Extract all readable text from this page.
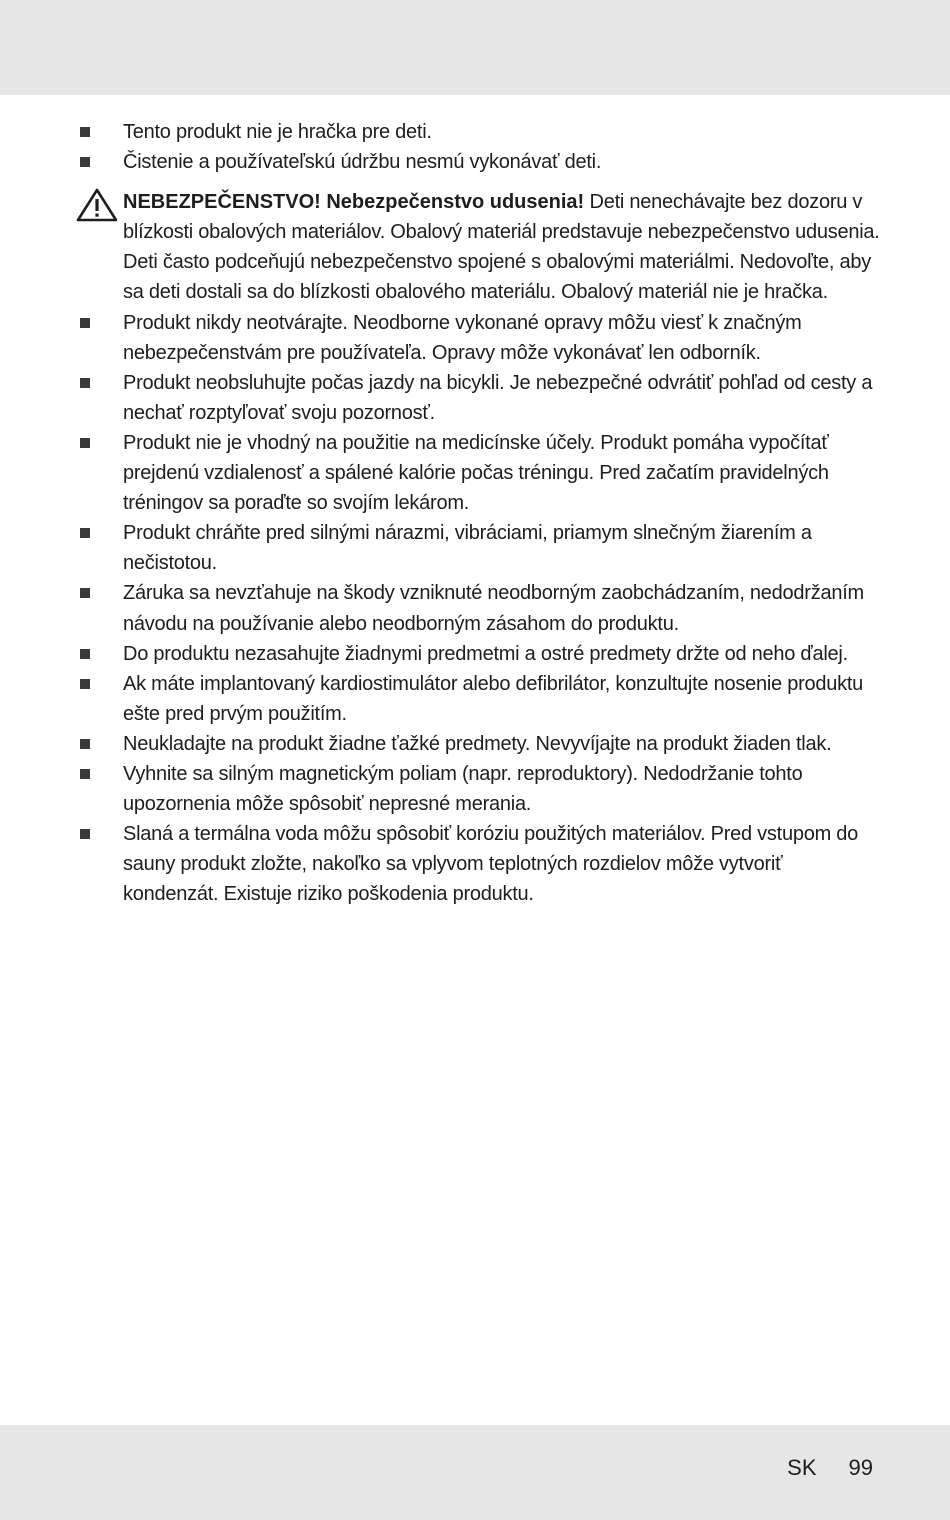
Tento produkt nie je hračka pre deti.
Čistenie a používateľskú údržbu nesmú vykonávať deti.
NEBEZPEČENSTVO! Nebezpečenstvo udusenia! Deti nenechávajte bez dozoru v blízkosti obalových materiálov. Obalový materiál predstavuje nebezpečenstvo udusenia. Deti často podceňujú nebezpečenstvo spojené s obalovými materiálmi. Nedovoľte, aby sa deti dostali sa do blízkosti obalového materiálu. Obalový materiál nie je hračka.
Produkt nikdy neotvárajte. Neodborne vykonané opravy môžu viesť k značným nebezpečenstvám pre používateľa. Opravy môže vykonávať len odborník.
Produkt neobsluhujte počas jazdy na bicykli. Je nebezpečné odvrátiť pohľad od cesty a nechať rozptyľovať svoju pozornosť.
Produkt nie je vhodný na použitie na medicínske účely. Produkt pomáha vypočítať prejdenú vzdialenosť a spálené kalórie počas tréningu. Pred začatím pravidelných tréningov sa poraďte so svojím lekárom.
Produkt chráňte pred silnými nárazmi, vibráciami, priamym slnečným žiarením a nečistotou.
Záruka sa nevzťahuje na škody vzniknuté neodborným zaobchádzaním, nedodržaním návodu na používanie alebo neodborným zásahom do produktu.
Do produktu nezasahujte žiadnymi predmetmi a ostré predmety držte od neho ďalej.
Ak máte implantovaný kardiostimulátor alebo defibrilátor, konzultujte nosenie produktu ešte pred prvým použitím.
Neukladajte na produkt žiadne ťažké predmety. Nevyvíjajte na produkt žiaden tlak.
Vyhnite sa silným magnetickým poliam (napr. reproduktory). Nedodržanie tohto upozornenia môže spôsobiť nepresné merania.
Slaná a termálna voda môžu spôsobiť koróziu použitých materiálov. Pred vstupom do sauny produkt zložte, nakoľko sa vplyvom teplotných rozdielov môže vytvoriť kondenzát. Existuje riziko poškodenia produktu.
SK 99
